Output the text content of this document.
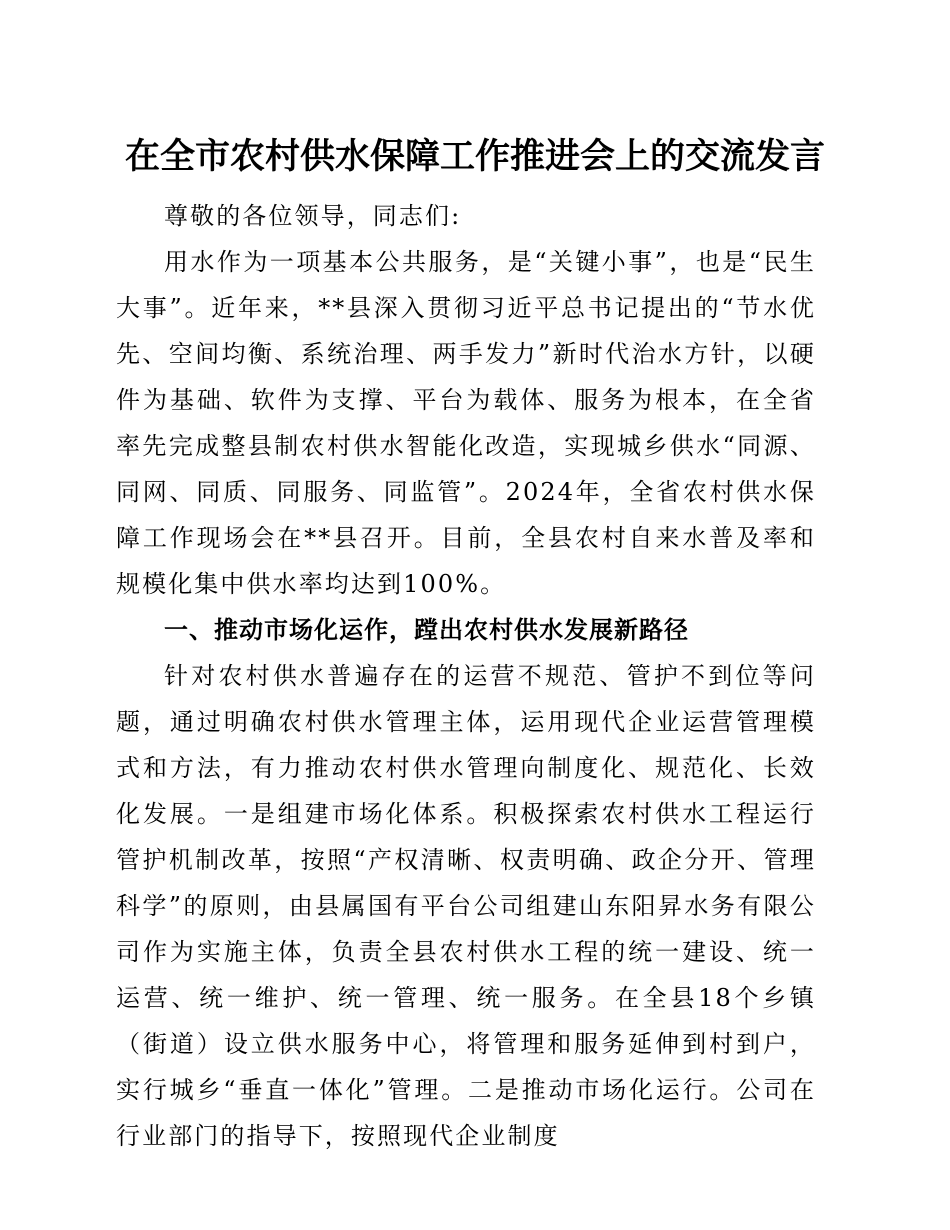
在全市农村供水保障工作推进会上的交流发言

尊敬的各位领导，同志们:

用水作为一项基本公共服务，是“关键小事”，也是“民生大事”。近年来，**县深入贯彻习近平总书记提出的“节水优先、空间均衡、系统治理、两手发力”新时代治水方针，以硬件为基础、软件为支撑、平台为载体、服务为根本，在全省率先完成整县制农村供水智能化改造，实现城乡供水“同源、同网、同质、同服务、同监管”。2024年，全省农村供水保障工作现场会在**县召开。目前，全县农村自来水普及率和规模化集中供水率均达到100%。

一、推动市场化运作，蹚出农村供水发展新路径

针对农村供水普遍存在的运营不规范、管护不到位等问题，通过明确农村供水管理主体，运用现代企业运营管理模式和方法，有力推动农村供水管理向制度化、规范化、长效化发展。一是组建市场化体系。积极探索农村供水工程运行管护机制改革，按照“产权清晰、权责明确、政企分开、管理科学”的原则，由县属国有平台公司组建山东阳昇水务有限公司作为实施主体，负责全县农村供水工程的统一建设、统一运营、统一维护、统一管理、统一服务。在全县18个乡镇（街道）设立供水服务中心，将管理和服务延伸到村到户，实行城乡“垂直一体化”管理。二是推动市场化运行。公司在行业部门的指导下，按照现代企业制度
